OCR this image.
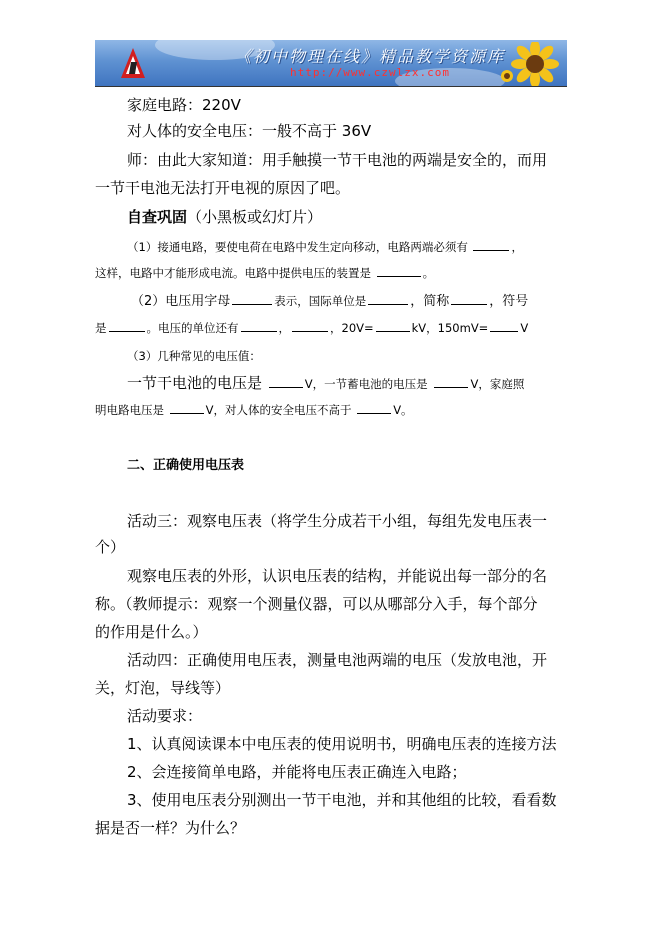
《初中物理在线》精品教学资源库
http://www.czwlzx.com
家庭电路：220V
对人体的安全电压：一般不高于 36V
师：由此大家知道：用手触摸一节干电池的两端是安全的，而用
一节干电池无法打开电视的原因了吧。
自查巩固（小黑板或幻灯片）
（1）接通电路，要使电荷在电路中发生定向移动，电路两端必须有	，
这样，电路中才能形成电流。电路中提供电压的装置是	。
（2）电压用字母	表示，国际单位是	，简称	，符号
是	。电压的单位还有	，	，20V=	kV，150mV=	V
（3）几种常见的电压值：
一节干电池的电压是	V，一节蓄电池的电压是	V，家庭照
明电路电压是	V，对人体的安全电压不高于	V。
二、正确使用电压表
活动三：观察电压表（将学生分成若干小组，每组先发电压表一
个）
观察电压表的外形，认识电压表的结构，并能说出每一部分的名
称。（教师提示：观察一个测量仪器，可以从哪部分入手，每个部分
的作用是什么。）
活动四：正确使用电压表，测量电池两端的电压（发放电池，开
关，灯泡，导线等）
活动要求：
1、认真阅读课本中电压表的使用说明书，明确电压表的连接方法
2、会连接简单电路，并能将电压表正确连入电路；
3、使用电压表分别测出一节干电池，并和其他组的比较，看看数
据是否一样？为什么？
